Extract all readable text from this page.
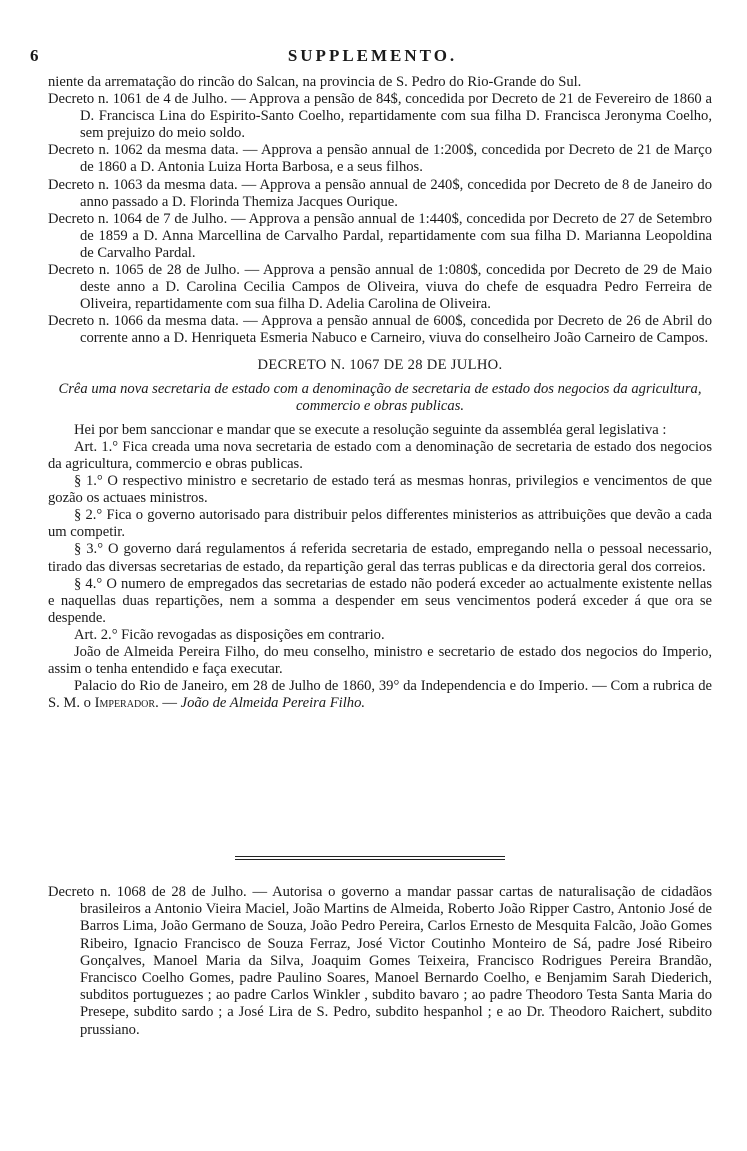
6	SUPPLEMENTO.

niente da arrematação do rincão do Salcan, na provincia de S. Pedro do Rio-Grande do Sul.

Decreto n. 1061 de 4 de Julho. — Approva a pensão de 84$, concedida por Decreto de 21 de Fevereiro de 1860 a D. Francisca Lina do Espirito-Santo Coelho, repartidamente com sua filha D. Francisca Jeronyma Coelho, sem prejuizo do meio soldo.

Decreto n. 1062 da mesma data. — Approva a pensão annual de 1:200$, concedida por Decreto de 21 de Março de 1860 a D. Antonia Luiza Horta Barbosa, e a seus filhos.

Decreto n. 1063 da mesma data. — Approva a pensão annual de 240$, concedida por Decreto de 8 de Janeiro do anno passado a D. Florinda Themiza Jacques Ourique.

Decreto n. 1064 de 7 de Julho. — Approva a pensão annual de 1:440$, concedida por Decreto de 27 de Setembro de 1859 a D. Anna Marcellina de Carvalho Pardal, repartidamente com sua filha D. Marianna Leopoldina de Carvalho Pardal.

Decreto n. 1065 de 28 de Julho. — Approva a pensão annual de 1:080$, concedida por Decreto de 29 de Maio deste anno a D. Carolina Cecilia Campos de Oliveira, viuva do chefe de esquadra Pedro Ferreira de Oliveira, repartidamente com sua filha D. Adelia Carolina de Oliveira.

Decreto n. 1066 da mesma data. — Approva a pensão annual de 600$, concedida por Decreto de 26 de Abril do corrente anno a D. Henriqueta Esmeria Nabuco e Carneiro, viuva do conselheiro João Carneiro de Campos.

DECRETO N. 1067 DE 28 DE JULHO.

Crêa uma nova secretaria de estado com a denominação de secretaria de estado dos negocios da agricultura, commercio e obras publicas.

Hei por bem sanccionar e mandar que se execute a resolução seguinte da assembléa geral legislativa :

Art. 1.° Fica creada uma nova secretaria de estado com a denominação de secretaria de estado dos negocios da agricultura, commercio e obras publicas.

§ 1.° O respectivo ministro e secretario de estado terá as mesmas honras, privilegios e vencimentos de que gozão os actuaes ministros.

§ 2.° Fica o governo autorisado para distribuir pelos differentes ministerios as attribuições que devão a cada um competir.

§ 3.° O governo dará regulamentos á referida secretaria de estado, empregando nella o pessoal necessario, tirado das diversas secretarias de estado, da repartição geral das terras publicas e da directoria geral dos correios.

§ 4.° O numero de empregados das secretarias de estado não poderá exceder ao actualmente existente nellas e naquellas duas repartições, nem a somma a despender em seus vencimentos poderá exceder á que ora se despende.

Art. 2.° Ficão revogadas as disposições em contrario.

João de Almeida Pereira Filho, do meu conselho, ministro e secretario de estado dos negocios do Imperio, assim o tenha entendido e faça executar.

Palacio do Rio de Janeiro, em 28 de Julho de 1860, 39° da Independencia e do Imperio. — Com a rubrica de S. M. o Imperador. — João de Almeida Pereira Filho.

Decreto n. 1068 de 28 de Julho. — Autorisa o governo a mandar passar cartas de naturalisação de cidadãos brasileiros a Antonio Vieira Maciel, João Martins de Almeida, Roberto João Ripper Castro, Antonio José de Barros Lima, João Germano de Souza, João Pedro Pereira, Carlos Ernesto de Mesquita Falcão, João Gomes Ribeiro, Ignacio Francisco de Souza Ferraz, José Victor Coutinho Monteiro de Sá, padre José Ribeiro Gonçalves, Manoel Maria da Silva, Joaquim Gomes Teixeira, Francisco Rodrigues Pereira Brandão, Francisco Coelho Gomes, padre Paulino Soares, Manoel Bernardo Coelho, e Benjamim Sarah Diederich, subditos portuguezes ; ao padre Carlos Winkler , subdito bavaro ; ao padre Theodoro Testa Santa Maria do Presepe, subdito sardo ; a José Lira de S. Pedro, subdito hespanhol ; e ao Dr. Theodoro Raichert, subdito prussiano.
